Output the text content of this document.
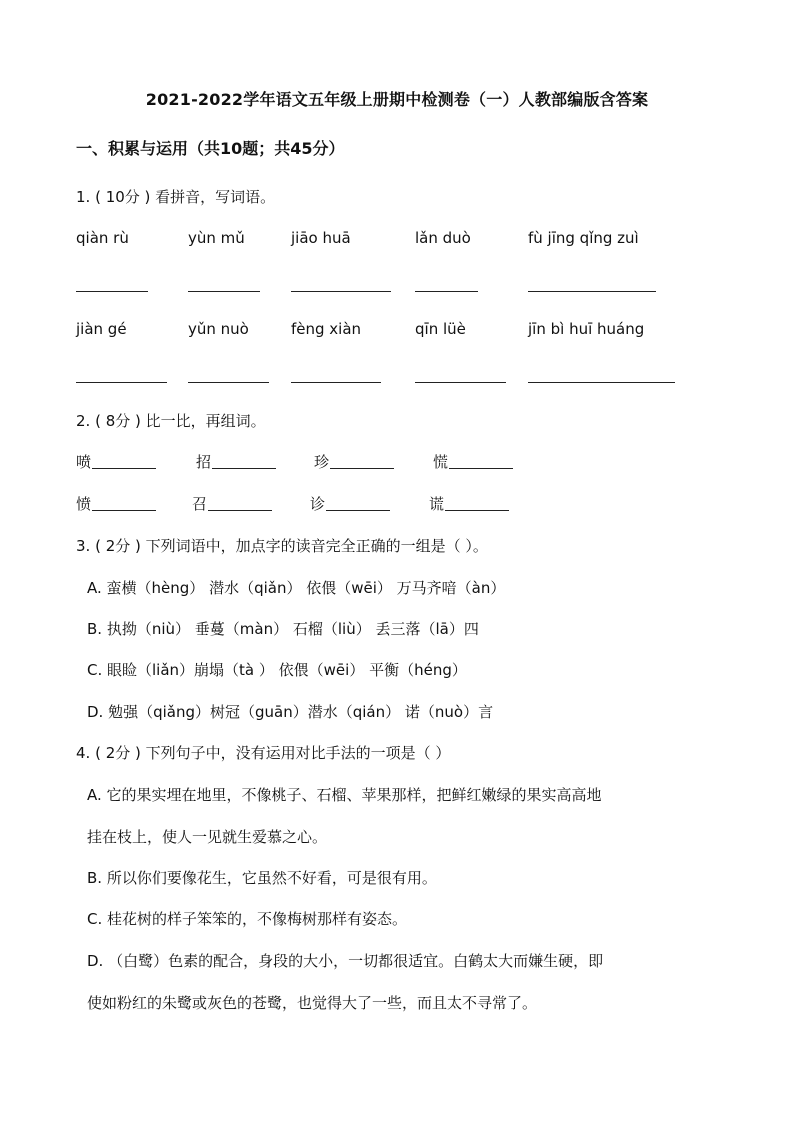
2021-2022学年语文五年级上册期中检测卷（一）人教部编版含答案
一、积累与运用（共10题；共45分）
1. ( 10分 ) 看拼音，写词语。
qiàn rù	yùn mǔ	jiāo huā	lǎn duò	fù jīng qǐng zuì
jiàn gé	yǔn nuò	fèng xiàn	qīn lüè	jīn bì huī huáng
2. ( 8分 ) 比一比，再组词。
喷	招	珍	慌
愤	召	诊	谎
3. ( 2分 ) 下列词语中，加点字的读音完全正确的一组是（ ）。
A. 蛮横（hèng） 潜水（qiǎn） 依偎（wēi） 万马齐喑（àn）
B. 执拗（niù） 垂蔓（màn） 石榴（liù） 丢三落（lā）四
C. 眼睑（liǎn）崩塌（tà ） 依偎（wēi） 平衡（héng）
D. 勉强（qiǎng）树冠（guān）潜水（qián） 诺（nuò）言
4. ( 2分 ) 下列句子中，没有运用对比手法的一项是（ ）
A. 它的果实埋在地里，不像桃子、石榴、苹果那样，把鲜红嫩绿的果实高高地
挂在枝上，使人一见就生爱慕之心。
B. 所以你们要像花生，它虽然不好看，可是很有用。
C. 桂花树的样子笨笨的，不像梅树那样有姿态。
D. （白鹭）色素的配合，身段的大小，一切都很适宜。白鹤太大而嫌生硬，即
使如粉红的朱鹭或灰色的苍鹭，也觉得大了一些，而且太不寻常了。
